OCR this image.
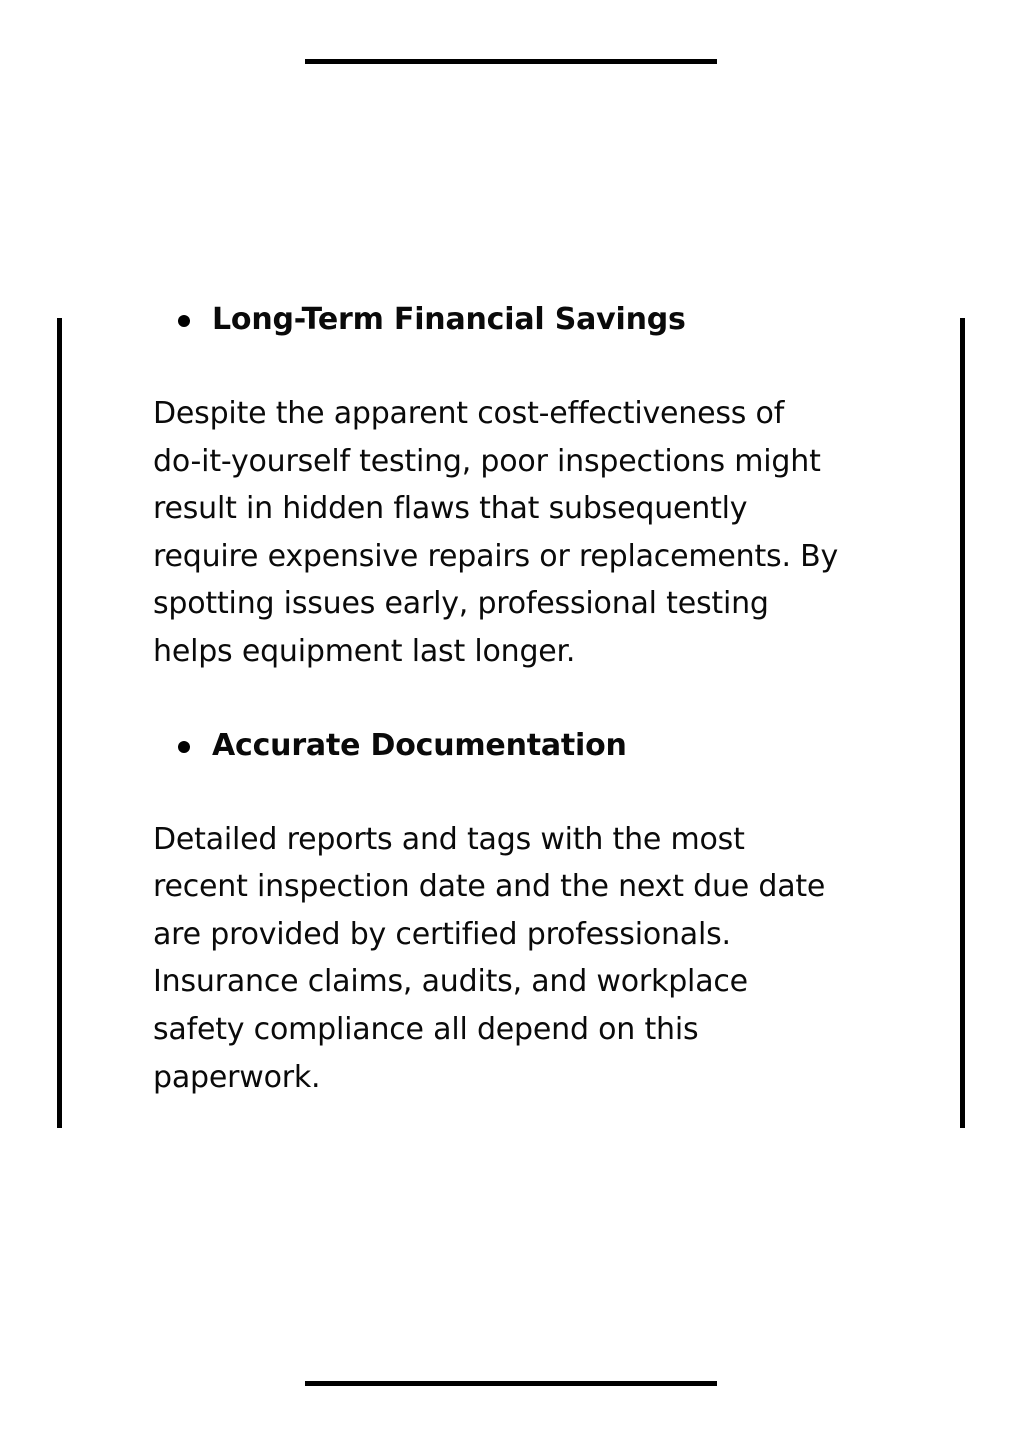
Long-Term Financial Savings

Despite the apparent cost-effectiveness of
do-it-yourself testing, poor inspections might
result in hidden flaws that subsequently
require expensive repairs or replacements. By
spotting issues early, professional testing
helps equipment last longer.

Accurate Documentation

Detailed reports and tags with the most
recent inspection date and the next due date
are provided by certified professionals.
Insurance claims, audits, and workplace
safety compliance all depend on this
paperwork.
